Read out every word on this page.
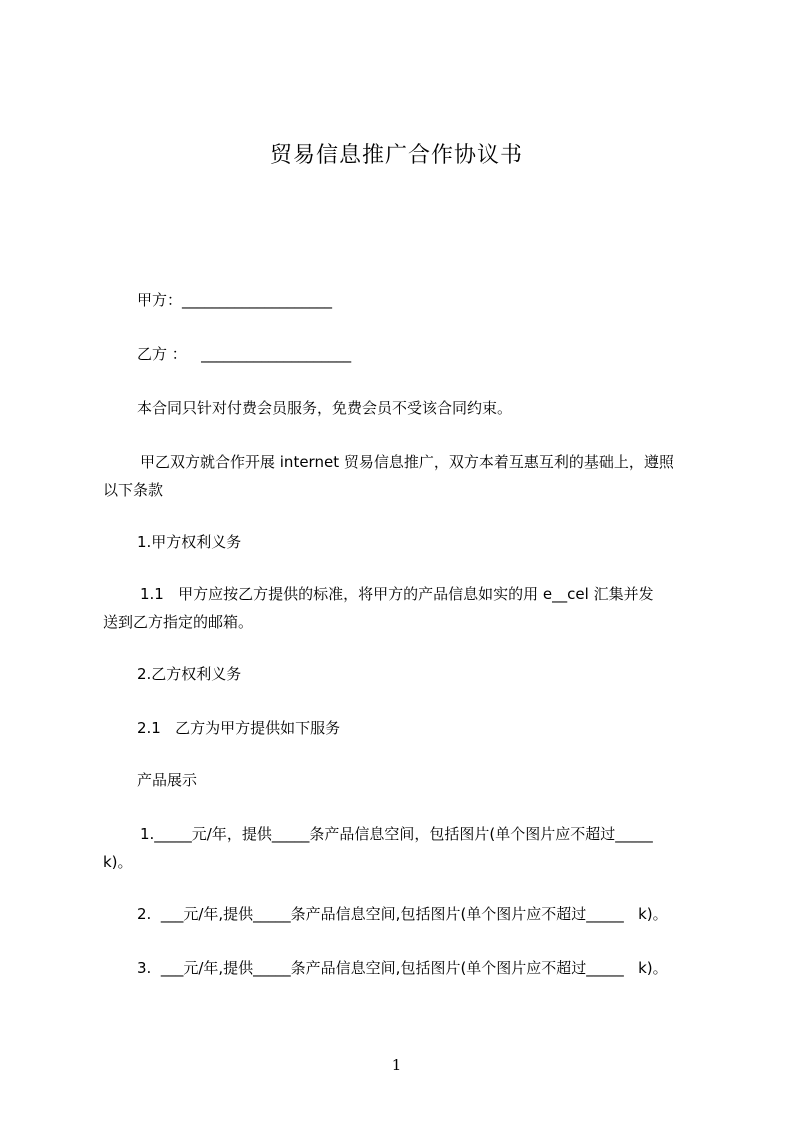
贸易信息推广合作协议书
甲方：____________________
乙方 ：   ____________________
本合同只针对付费会员服务，免费会员不受该合同约束。
甲乙双方就合作开展 internet 贸易信息推广，双方本着互惠互利的基础上，遵照
以下条款
1.甲方权利义务
1.1   甲方应按乙方提供的标准，将甲方的产品信息如实的用 e__cel 汇集并发
送到乙方指定的邮箱。
2.乙方权利义务
2.1   乙方为甲方提供如下服务
产品展示
1._____元/年，提供_____条产品信息空间，包括图片(单个图片应不超过_____
k)。
2.  ___元/年,提供_____条产品信息空间,包括图片(单个图片应不超过_____   k)。
3.  ___元/年,提供_____条产品信息空间,包括图片(单个图片应不超过_____   k)。
1
